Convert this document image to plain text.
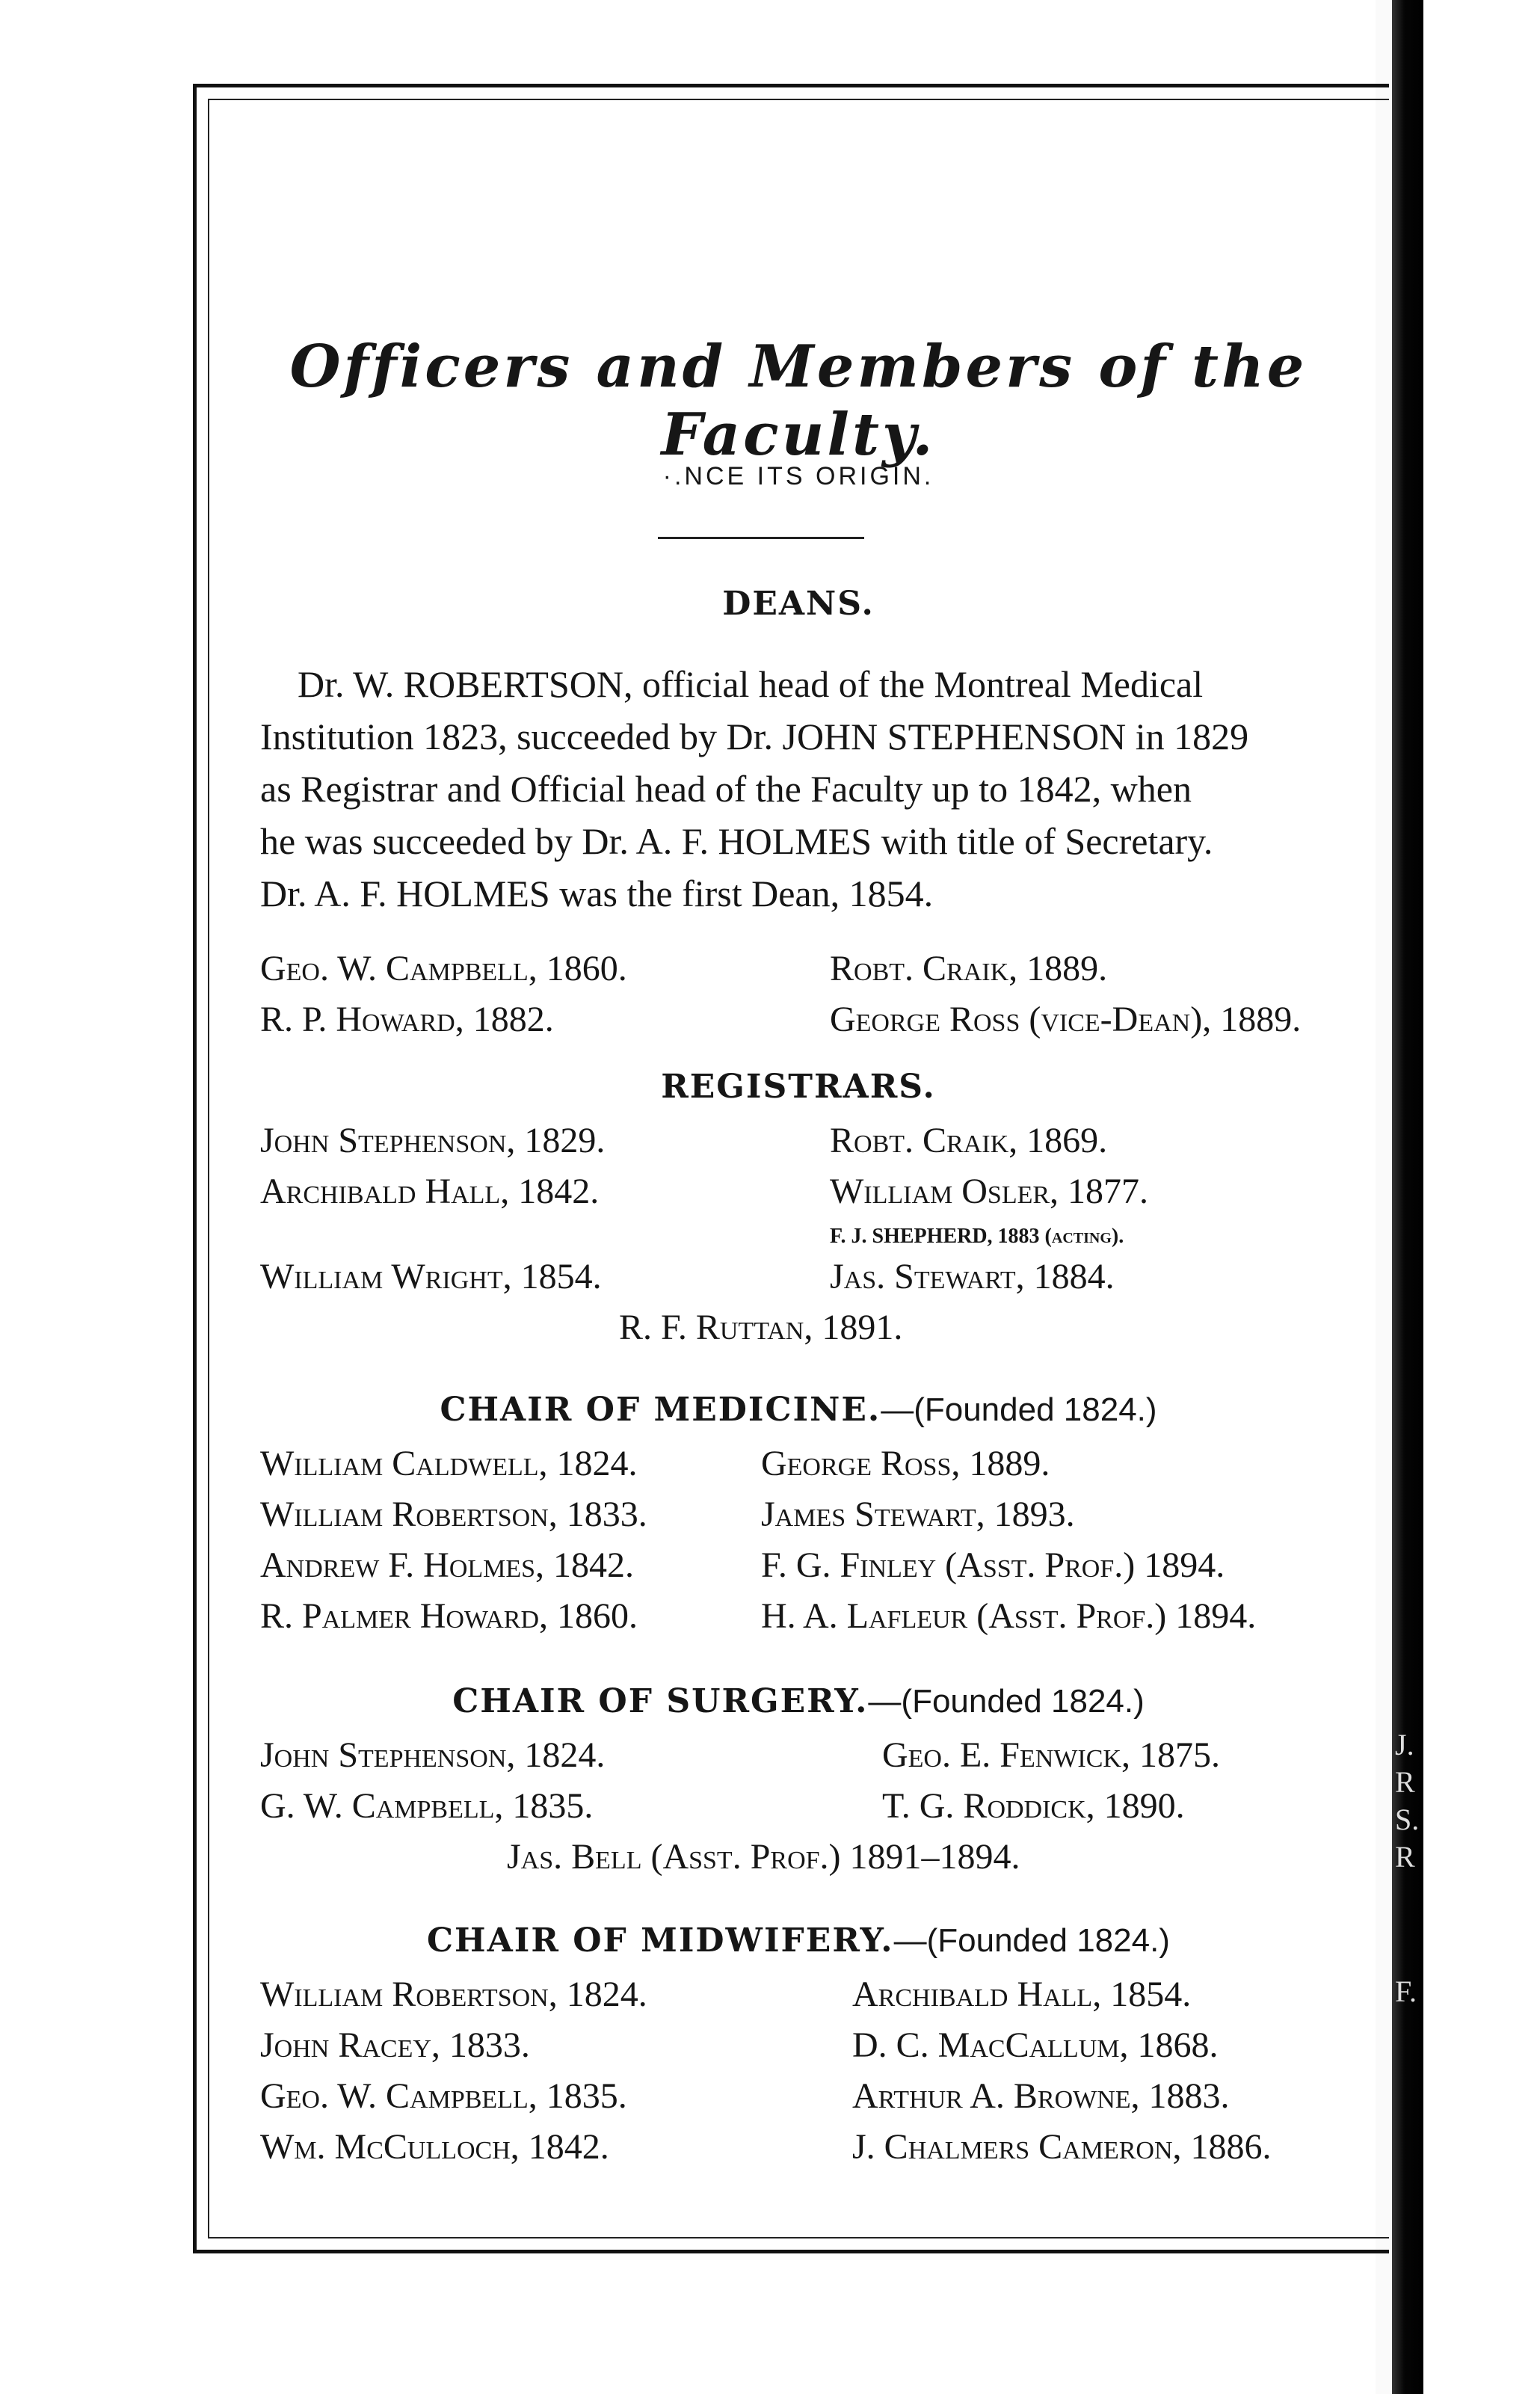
J.
R
S.
R
F.
Officers and Members of the Faculty.
·.NCE ITS ORIGIN.
DEANS.
Dr. W. ROBERTSON, official head of the Montreal Medical
Institution 1823, succeeded by Dr. JOHN STEPHENSON in 1829
as Registrar and Official head of the Faculty up to 1842, when
he was succeeded by Dr. A. F. HOLMES with title of Secretary.
Dr. A. F. HOLMES was the first Dean, 1854.
Geo. W. Campbell, 1860.	Robt. Craik, 1889.
R. P. Howard, 1882.	George Ross (vice-Dean), 1889.
REGISTRARS.
John Stephenson, 1829.	Robt. Craik, 1869.
Archibald Hall, 1842.	William Osler, 1877.
F. J. SHEPHERD, 1883 (acting).
William Wright, 1854.	Jas. Stewart, 1884.
R. F. Ruttan, 1891.
CHAIR OF MEDICINE.—(Founded 1824.)
William Caldwell, 1824.	George Ross, 1889.
William Robertson, 1833.	James Stewart, 1893.
Andrew F. Holmes, 1842.	F. G. Finley (Asst. Prof.) 1894.
R. Palmer Howard, 1860.	H. A. Lafleur (Asst. Prof.) 1894.
CHAIR OF SURGERY.—(Founded 1824.)
John Stephenson, 1824.	Geo. E. Fenwick, 1875.
G. W. Campbell, 1835.	T. G. Roddick, 1890.
Jas. Bell (Asst. Prof.) 1891–1894.
CHAIR OF MIDWIFERY.—(Founded 1824.)
William Robertson, 1824.	Archibald Hall, 1854.
John Racey, 1833.	D. C. MacCallum, 1868.
Geo. W. Campbell, 1835.	Arthur A. Browne, 1883.
Wm. McCulloch, 1842.	J. Chalmers Cameron, 1886.
